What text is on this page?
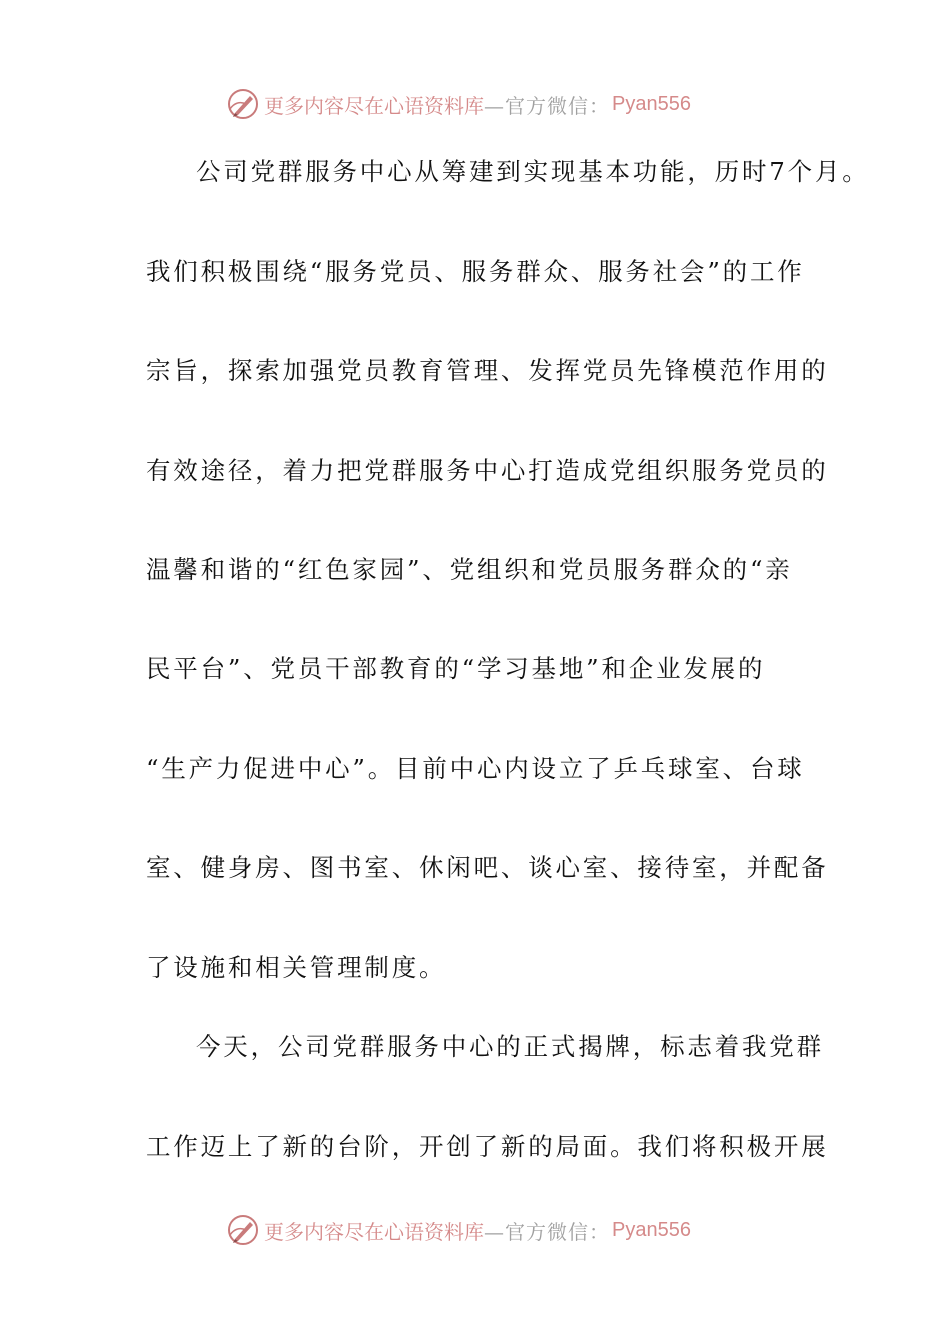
更多内容尽在心语资料库 —官方微信： Pyan556
公司党群服务中心从筹建到实现基本功能，历时7个月。
我们积极围绕“服务党员、服务群众、服务社会”的工作
宗旨，探索加强党员教育管理、发挥党员先锋模范作用的
有效途径，着力把党群服务中心打造成党组织服务党员的
温馨和谐的“红色家园”、党组织和党员服务群众的“亲
民平台”、党员干部教育的“学习基地”和企业发展的
“生产力促进中心”。目前中心内设立了乒乓球室、台球
室、健身房、图书室、休闲吧、谈心室、接待室，并配备
了设施和相关管理制度。
今天，公司党群服务中心的正式揭牌，标志着我党群
工作迈上了新的台阶，开创了新的局面。我们将积极开展
更多内容尽在心语资料库 —官方微信： Pyan556
